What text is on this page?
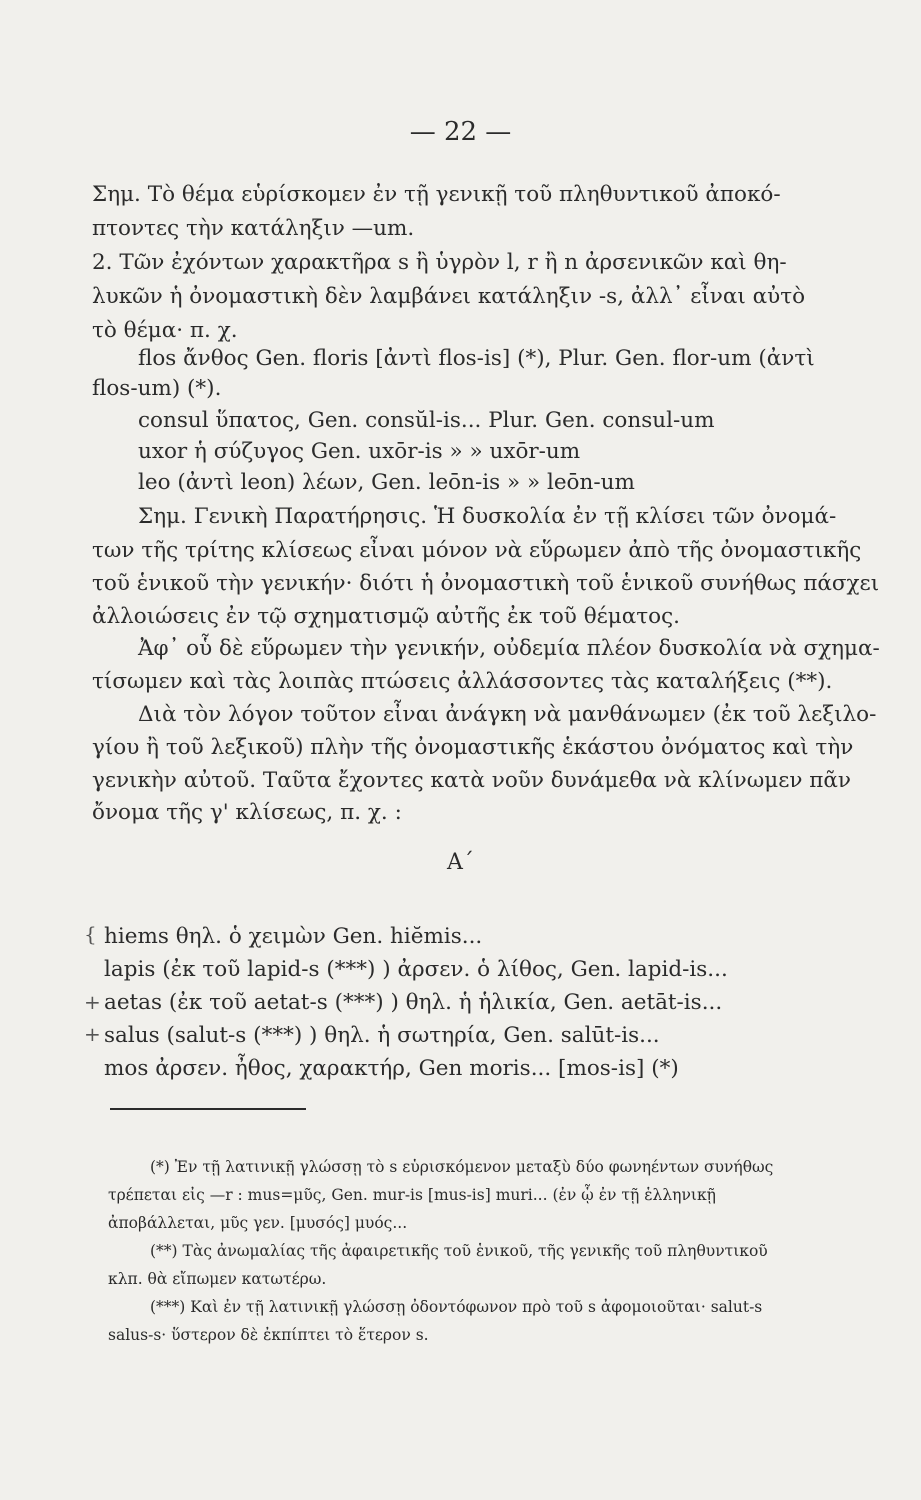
— 22 —
Σημ. Τὸ θέμα εὑρίσκομεν ἐν τῇ γενικῇ τοῦ πληθυντικοῦ ἀποκό-
πτοντες τὴν κατάληξιν —um.
2. Τῶν ἐχόντων χαρακτῆρα s ἢ ὑγρὸν l, r ἢ n ἀρσενικῶν καὶ θη-
λυκῶν ἡ ὀνομαστικὴ δὲν λαμβάνει κατάληξιν -s, ἀλλ᾽ εἶναι αὐτὸ
τὸ θέμα· π. χ.
flos ἄνθος Gen. floris [ἀντὶ flos-is] (*), Plur. Gen. flor-um (ἀντὶ
flos-um) (*).
consul ὕπατος, Gen. consŭl-is... Plur. Gen. consul-um
uxor ἡ σύζυγος Gen. uxōr-is » » uxōr-um
leo (ἀντὶ leon) λέων, Gen. leōn-is » » leōn-um
Σημ. Γενικὴ Παρατήρησις. Ἡ δυσκολία ἐν τῇ κλίσει τῶν ὀνομά-
των τῆς τρίτης κλίσεως εἶναι μόνον νὰ εὕρωμεν ἀπὸ τῆς ὀνομαστικῆς
τοῦ ἑνικοῦ τὴν γενικήν· διότι ἡ ὀνομαστικὴ τοῦ ἑνικοῦ συνήθως πάσχει
ἀλλοιώσεις ἐν τῷ σχηματισμῷ αὐτῆς ἐκ τοῦ θέματος.
Ἀφ᾽ οὗ δὲ εὕρωμεν τὴν γενικήν, οὐδεμία πλέον δυσκολία νὰ σχημα-
τίσωμεν καὶ τὰς λοιπὰς πτώσεις ἀλλάσσοντες τὰς καταλήξεις (**).
Διὰ τὸν λόγον τοῦτον εἶναι ἀνάγκη νὰ μανθάνωμεν (ἐκ τοῦ λεξιλο-
γίου ἢ τοῦ λεξικοῦ) πλὴν τῆς ὀνομαστικῆς ἑκάστου ὀνόματος καὶ τὴν
γενικὴν αὐτοῦ. Ταῦτα ἔχοντες κατὰ νοῦν δυνάμεθα νὰ κλίνωμεν πᾶν
ὄνομα τῆς γ' κλίσεως, π. χ. :
Α´
{
+
+
hiems θηλ. ὁ χειμὼν Gen. hiĕmis...
lapis (ἐκ τοῦ lapid-s (***) ) ἀρσεν. ὁ λίθος, Gen. lapid-is...
aetas (ἐκ τοῦ aetat-s (***) ) θηλ. ἡ ἡλικία, Gen. aetāt-is...
salus (salut-s (***) ) θηλ. ἡ σωτηρία, Gen. salūt-is...
mos ἀρσεν. ἦθος, χαρακτήρ, Gen moris... [mos-is] (*)
(*) Ἐν τῇ λατινικῇ γλώσσῃ τὸ s εὑρισκόμενον μεταξὺ δύο φωνηέντων συνήθως
τρέπεται εἰς —r : mus=μῦς, Gen. mur-is [mus-is] muri... (ἐν ᾧ ἐν τῇ ἑλληνικῇ
ἀποβάλλεται, μῦς γεν. [μυσός] μυός...
(**) Τὰς ἀνωμαλίας τῆς ἀφαιρετικῆς τοῦ ἑνικοῦ, τῆς γενικῆς τοῦ πληθυντικοῦ
κλπ. θὰ εἴπωμεν κατωτέρω.
(***) Καὶ ἐν τῇ λατινικῇ γλώσσῃ ὀδοντόφωνον πρὸ τοῦ s ἀφομοιοῦται· salut-s
salus-s· ὕστερον δὲ ἐκπίπτει τὸ ἕτερον s.
